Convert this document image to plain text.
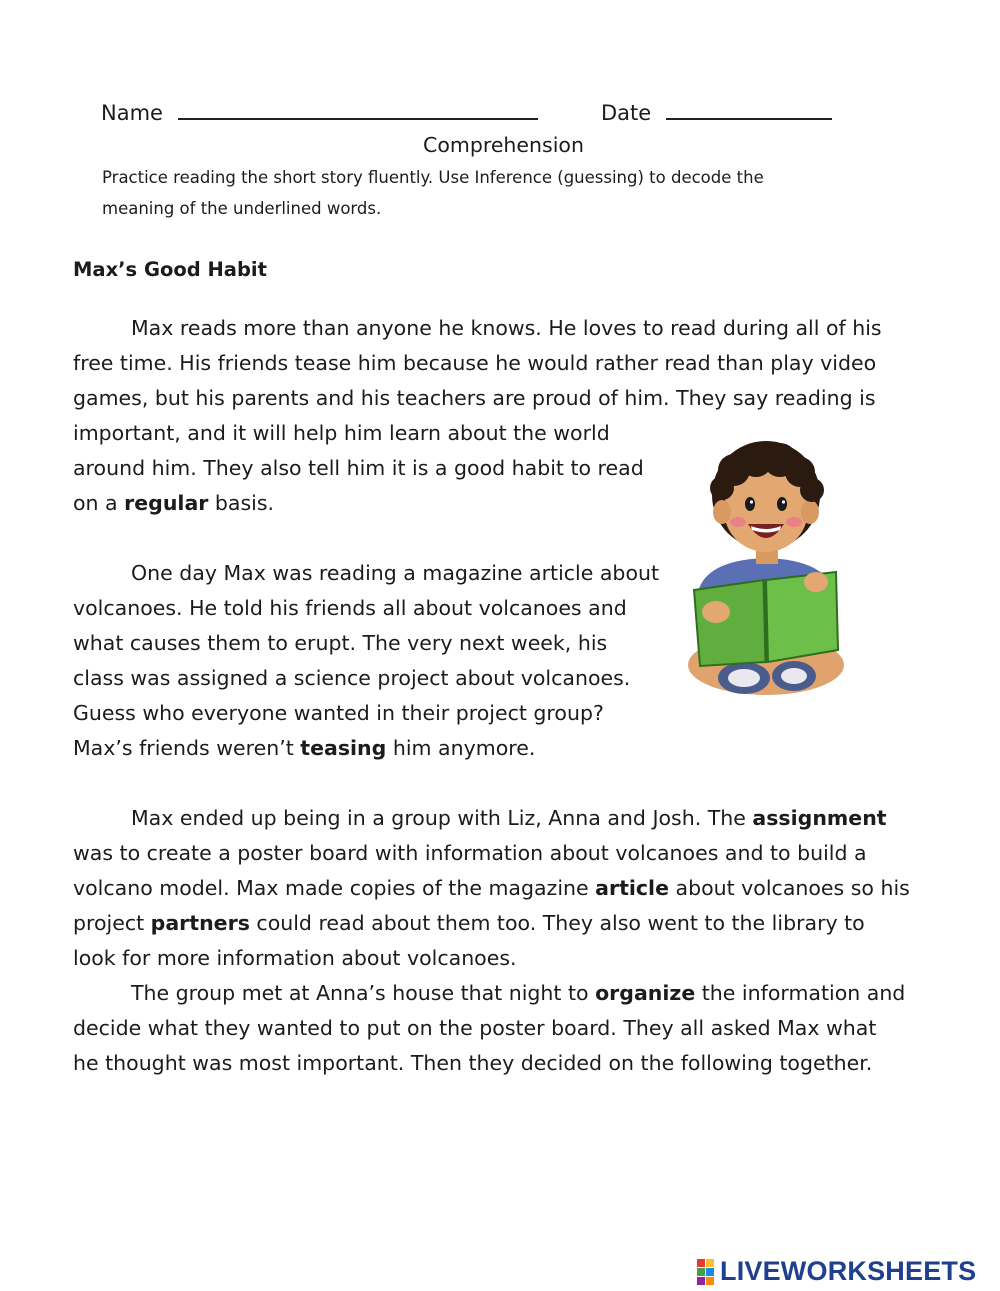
Name	Date
Comprehension
Practice reading the short story fluently. Use Inference (guessing) to decode the
meaning of the underlined words.
Max’s Good Habit
Max reads more than anyone he knows. He loves to read during all of his
free time. His friends tease him because he would rather read than play video
games, but his parents and his teachers are proud of him. They say reading is
important, and it will help him learn about the world
around him. They also tell him it is a good habit to read
on a regular basis.
One day Max was reading a magazine article about
volcanoes. He told his friends all about volcanoes and
what causes them to erupt. The very next week, his
class was assigned a science project about volcanoes.
Guess who everyone wanted in their project group?
Max’s friends weren’t teasing him anymore.
Max ended up being in a group with Liz, Anna and Josh. The assignment
was to create a poster board with information about volcanoes and to build a
volcano model. Max made copies of the magazine article about volcanoes so his
project partners could read about them too. They also went to the library to
look for more information about volcanoes.
The group met at Anna’s house that night to organize the information and
decide what they wanted to put on the poster board. They all asked Max what
he thought was most important. Then they decided on the following together.
LIVEWORKSHEETS
